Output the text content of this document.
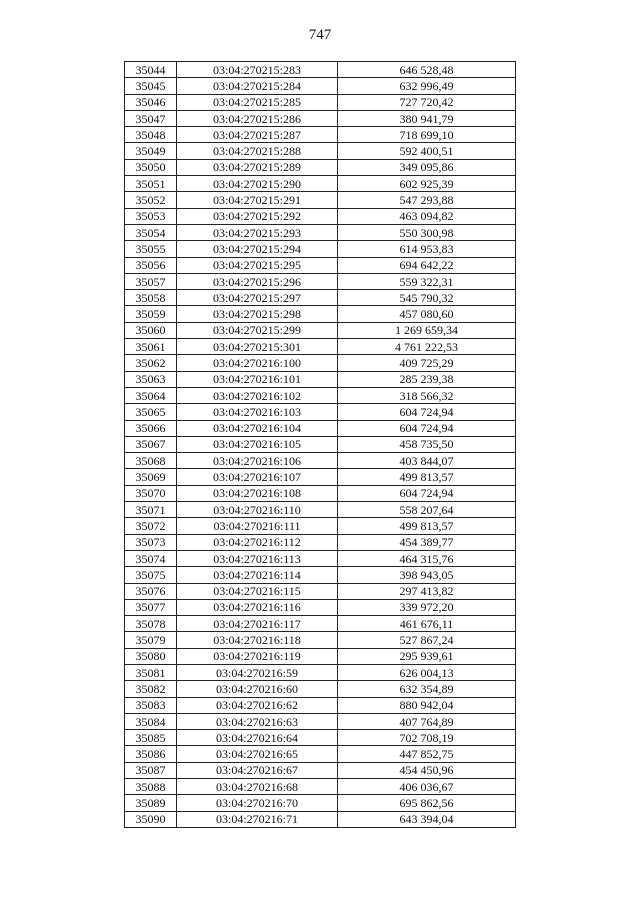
747
35044	03:04:270215:283	646 528,48
35045	03:04:270215:284	632 996,49
35046	03:04:270215:285	727 720,42
35047	03:04:270215:286	380 941,79
35048	03:04:270215:287	718 699,10
35049	03:04:270215:288	592 400,51
35050	03:04:270215:289	349 095,86
35051	03:04:270215:290	602 925,39
35052	03:04:270215:291	547 293,88
35053	03:04:270215:292	463 094,82
35054	03:04:270215:293	550 300,98
35055	03:04:270215:294	614 953,83
35056	03:04:270215:295	694 642,22
35057	03:04:270215:296	559 322,31
35058	03:04:270215:297	545 790,32
35059	03:04:270215:298	457 080,60
35060	03:04:270215:299	1 269 659,34
35061	03:04:270215:301	4 761 222,53
35062	03:04:270216:100	409 725,29
35063	03:04:270216:101	285 239,38
35064	03:04:270216:102	318 566,32
35065	03:04:270216:103	604 724,94
35066	03:04:270216:104	604 724,94
35067	03:04:270216:105	458 735,50
35068	03:04:270216:106	403 844,07
35069	03:04:270216:107	499 813,57
35070	03:04:270216:108	604 724,94
35071	03:04:270216:110	558 207,64
35072	03:04:270216:111	499 813,57
35073	03:04:270216:112	454 389,77
35074	03:04:270216:113	464 315,76
35075	03:04:270216:114	398 943,05
35076	03:04:270216:115	297 413,82
35077	03:04:270216:116	339 972,20
35078	03:04:270216:117	461 676,11
35079	03:04:270216:118	527 867,24
35080	03:04:270216:119	295 939,61
35081	03:04:270216:59	626 004,13
35082	03:04:270216:60	632 354,89
35083	03:04:270216:62	880 942,04
35084	03:04:270216:63	407 764,89
35085	03:04:270216:64	702 708,19
35086	03:04:270216:65	447 852,75
35087	03:04:270216:67	454 450,96
35088	03:04:270216:68	406 036,67
35089	03:04:270216:70	695 862,56
35090	03:04:270216:71	643 394,04
